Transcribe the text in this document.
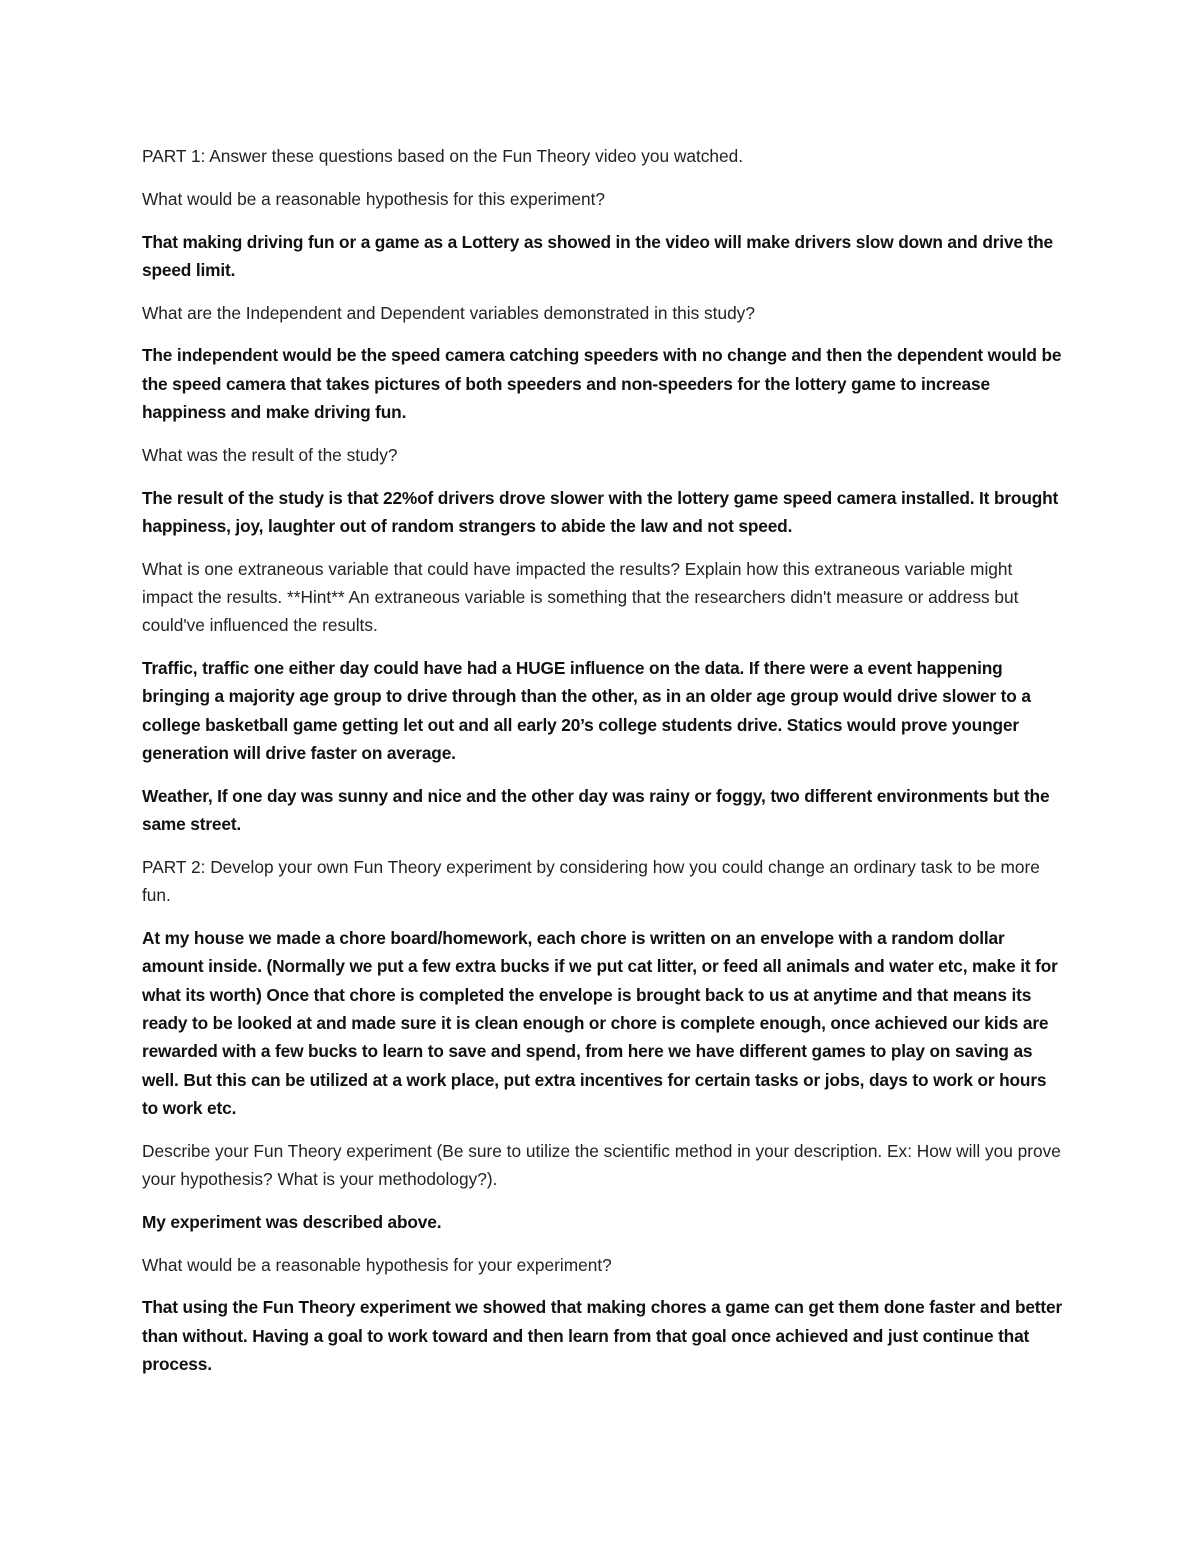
PART 1: Answer these questions based on the Fun Theory video you watched.

What would be a reasonable hypothesis for this experiment?

That making driving fun or a game as a Lottery as showed in the video will make drivers slow down and drive the speed limit.

What are the Independent and Dependent variables demonstrated in this study?

The independent would be the speed camera catching speeders with no change and then the dependent would be the speed camera that takes pictures of both speeders and non-speeders for the lottery game to increase happiness and make driving fun.

What was the result of the study?

The result of the study is that 22%of drivers drove slower with the lottery game speed camera installed. It brought happiness, joy, laughter out of random strangers to abide the law and not speed.

What is one extraneous variable that could have impacted the results? Explain how this extraneous variable might impact the results. **Hint** An extraneous variable is something that the researchers didn't measure or address but could've influenced the results.

Traffic, traffic one either day could have had a HUGE influence on the data. If there were a event happening bringing a majority age group to drive through than the other, as in an older age group would drive slower to a college basketball game getting let out and all early 20’s college students drive. Statics would prove younger generation will drive faster on average.

Weather, If one day was sunny and nice and the other day was rainy or foggy, two different environments but the same street.

PART 2: Develop your own Fun Theory experiment by considering how you could change an ordinary task to be more fun.

At my house we made a chore board/homework, each chore is written on an envelope with a random dollar amount inside. (Normally we put a few extra bucks if we put cat litter, or feed all animals and water etc, make it for what its worth) Once that chore is completed the envelope is brought back to us at anytime and that means its ready to be looked at and made sure it is clean enough or chore is complete enough, once achieved our kids are rewarded with a few bucks to learn to save and spend, from here we have different games to play on saving as well. But this can be utilized at a work place, put extra incentives for certain tasks or jobs, days to work or hours to work etc.

Describe your Fun Theory experiment (Be sure to utilize the scientific method in your description. Ex: How will you prove your hypothesis? What is your methodology?).

My experiment was described above.

What would be a reasonable hypothesis for your experiment?

That using the Fun Theory experiment we showed that making chores a game can get them done faster and better than without. Having a goal to work toward and then learn from that goal once achieved and just continue that process.
